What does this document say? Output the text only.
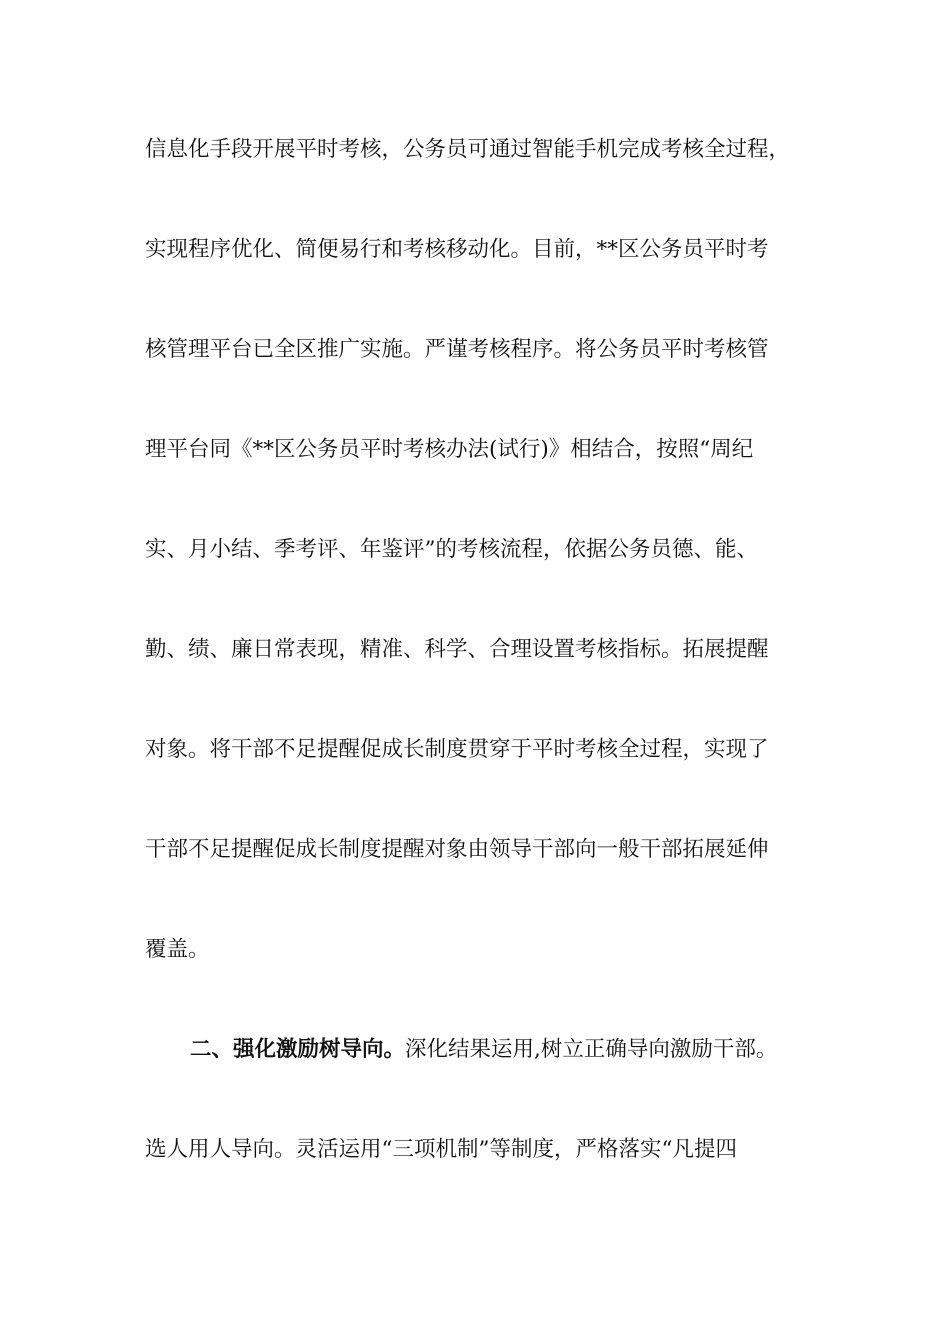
信息化手段开展平时考核，公务员可通过智能手机完成考核全过程，
实现程序优化、简便易行和考核移动化。目前，**区公务员平时考
核管理平台已全区推广实施。严谨考核程序。将公务员平时考核管
理平台同《**区公务员平时考核办法(试行)》相结合，按照“周纪
实、月小结、季考评、年鉴评”的考核流程，依据公务员德、能、
勤、绩、廉日常表现，精准、科学、合理设置考核指标。拓展提醒
对象。将干部不足提醒促成长制度贯穿于平时考核全过程，实现了
干部不足提醒促成长制度提醒对象由领导干部向一般干部拓展延伸
覆盖。
二、强化激励树导向。深化结果运用,树立正确导向激励干部。
选人用人导向。灵活运用“三项机制”等制度，严格落实“凡提四
